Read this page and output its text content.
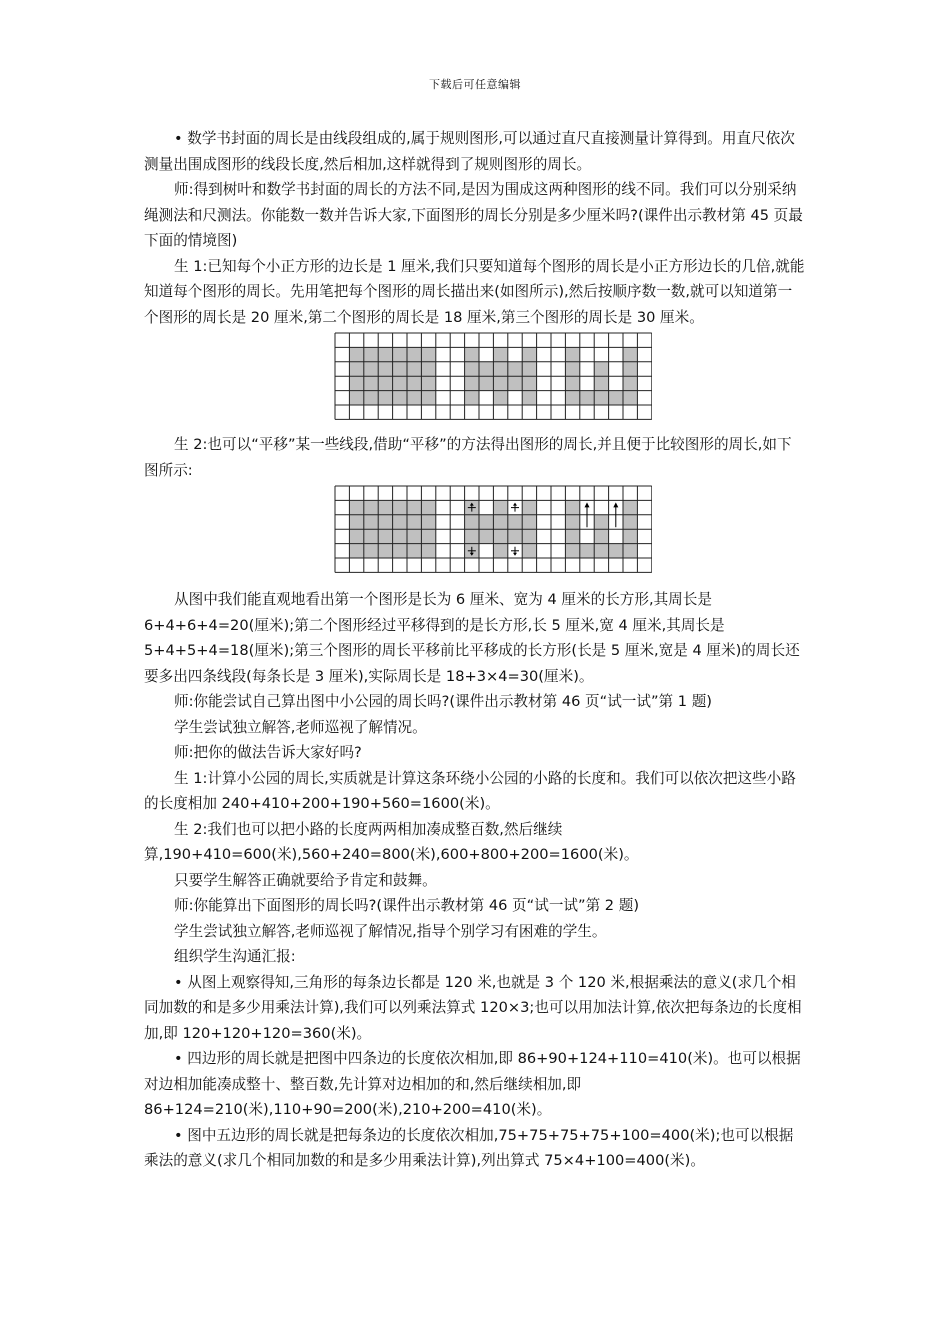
下载后可任意编辑

• 数学书封面的周长是由线段组成的,属于规则图形,可以通过直尺直接测量计算得到。用直尺依次测量出围成图形的线段长度,然后相加,这样就得到了规则图形的周长。

师:得到树叶和数学书封面的周长的方法不同,是因为围成这两种图形的线不同。我们可以分别采纳绳测法和尺测法。你能数一数并告诉大家,下面图形的周长分别是多少厘米吗?(课件出示教材第 45 页最下面的情境图)

生 1:已知每个小正方形的边长是 1 厘米,我们只要知道每个图形的周长是小正方形边长的几倍,就能知道每个图形的周长。先用笔把每个图形的周长描出来(如图所示),然后按顺序数一数,就可以知道第一个图形的周长是 20 厘米,第二个图形的周长是 18 厘米,第三个图形的周长是 30 厘米。

生 2:也可以“平移”某一些线段,借助“平移”的方法得出图形的周长,并且便于比较图形的周长,如下图所示:

从图中我们能直观地看出第一个图形是长为 6 厘米、宽为 4 厘米的长方形,其周长是 6+4+6+4=20(厘米);第二个图形经过平移得到的是长方形,长 5 厘米,宽 4 厘米,其周长是 5+4+5+4=18(厘米);第三个图形的周长平移前比平移成的长方形(长是 5 厘米,宽是 4 厘米)的周长还要多出四条线段(每条长是 3 厘米),实际周长是 18+3×4=30(厘米)。

师:你能尝试自己算出图中小公园的周长吗?(课件出示教材第 46 页“试一试”第 1 题)

学生尝试独立解答,老师巡视了解情况。

师:把你的做法告诉大家好吗?

生 1:计算小公园的周长,实质就是计算这条环绕小公园的小路的长度和。我们可以依次把这些小路的长度相加 240+410+200+190+560=1600(米)。

生 2:我们也可以把小路的长度两两相加凑成整百数,然后继续算,190+410=600(米),560+240=800(米),600+800+200=1600(米)。

只要学生解答正确就要给予肯定和鼓舞。

师:你能算出下面图形的周长吗?(课件出示教材第 46 页“试一试”第 2 题)

学生尝试独立解答,老师巡视了解情况,指导个别学习有困难的学生。

组织学生沟通汇报:

• 从图上观察得知,三角形的每条边长都是 120 米,也就是 3 个 120 米,根据乘法的意义(求几个相同加数的和是多少用乘法计算),我们可以列乘法算式 120×3;也可以用加法计算,依次把每条边的长度相加,即 120+120+120=360(米)。

• 四边形的周长就是把图中四条边的长度依次相加,即 86+90+124+110=410(米)。也可以根据对边相加能凑成整十、整百数,先计算对边相加的和,然后继续相加,即 86+124=210(米),110+90=200(米),210+200=410(米)。

• 图中五边形的周长就是把每条边的长度依次相加,75+75+75+75+100=400(米);也可以根据乘法的意义(求几个相同加数的和是多少用乘法计算),列出算式 75×4+100=400(米)。
